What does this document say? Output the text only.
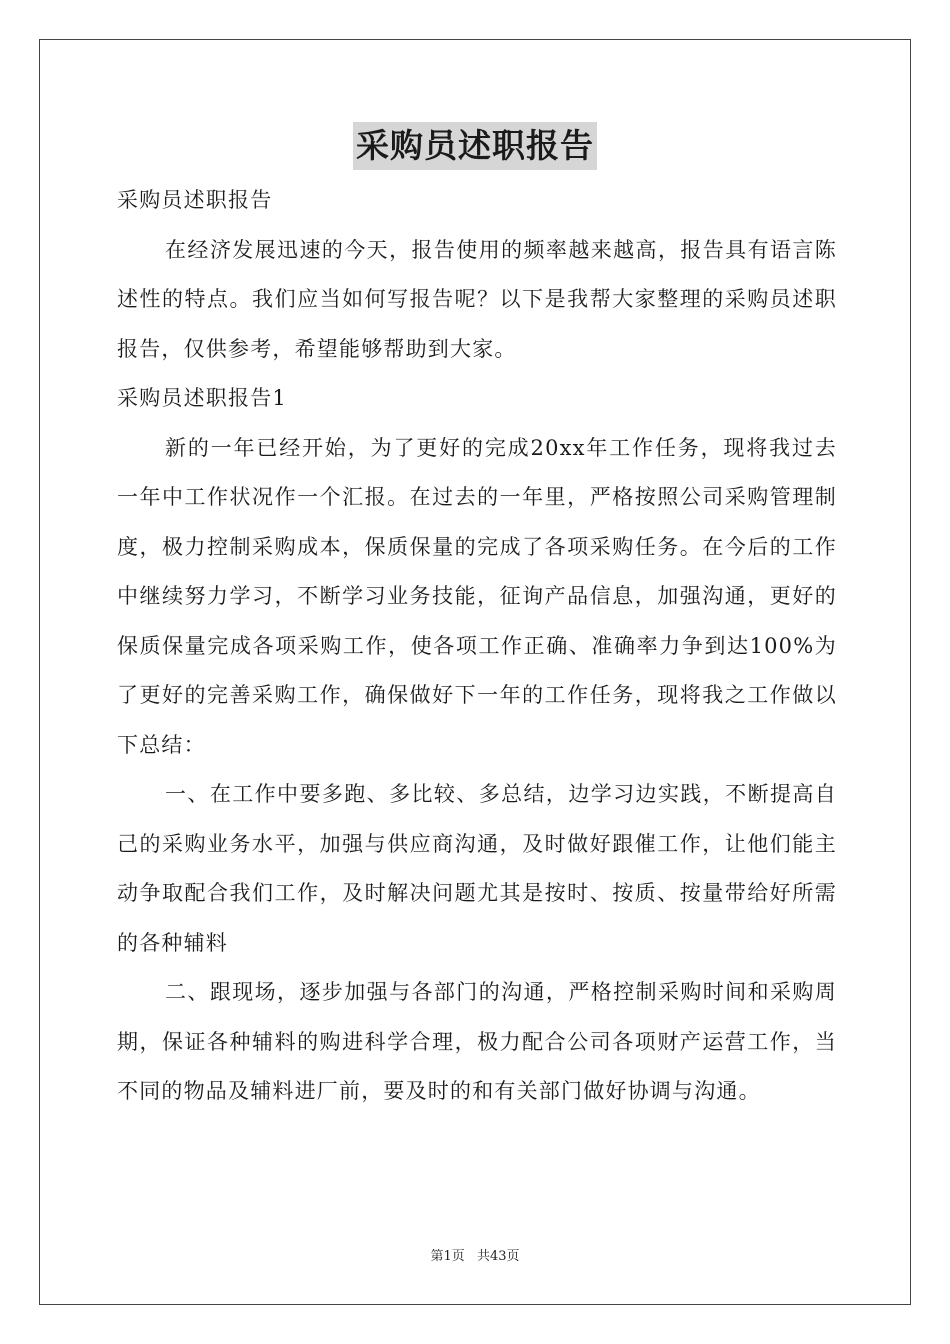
采购员述职报告

采购员述职报告

在经济发展迅速的今天，报告使用的频率越来越高，报告具有语言陈述性的特点。我们应当如何写报告呢？以下是我帮大家整理的采购员述职报告，仅供参考，希望能够帮助到大家。

采购员述职报告1

新的一年已经开始，为了更好的完成20xx年工作任务，现将我过去一年中工作状况作一个汇报。在过去的一年里，严格按照公司采购管理制度，极力控制采购成本，保质保量的完成了各项采购任务。在今后的工作中继续努力学习，不断学习业务技能，征询产品信息，加强沟通，更好的保质保量完成各项采购工作，使各项工作正确、准确率力争到达100%为了更好的完善采购工作，确保做好下一年的工作任务，现将我之工作做以下总结：

一、在工作中要多跑、多比较、多总结，边学习边实践，不断提高自己的采购业务水平，加强与供应商沟通，及时做好跟催工作，让他们能主动争取配合我们工作，及时解决问题尤其是按时、按质、按量带给好所需的各种辅料

二、跟现场，逐步加强与各部门的沟通，严格控制采购时间和采购周期，保证各种辅料的购进科学合理，极力配合公司各项财产运营工作，当不同的物品及辅料进厂前，要及时的和有关部门做好协调与沟通。

第1页 共43页
